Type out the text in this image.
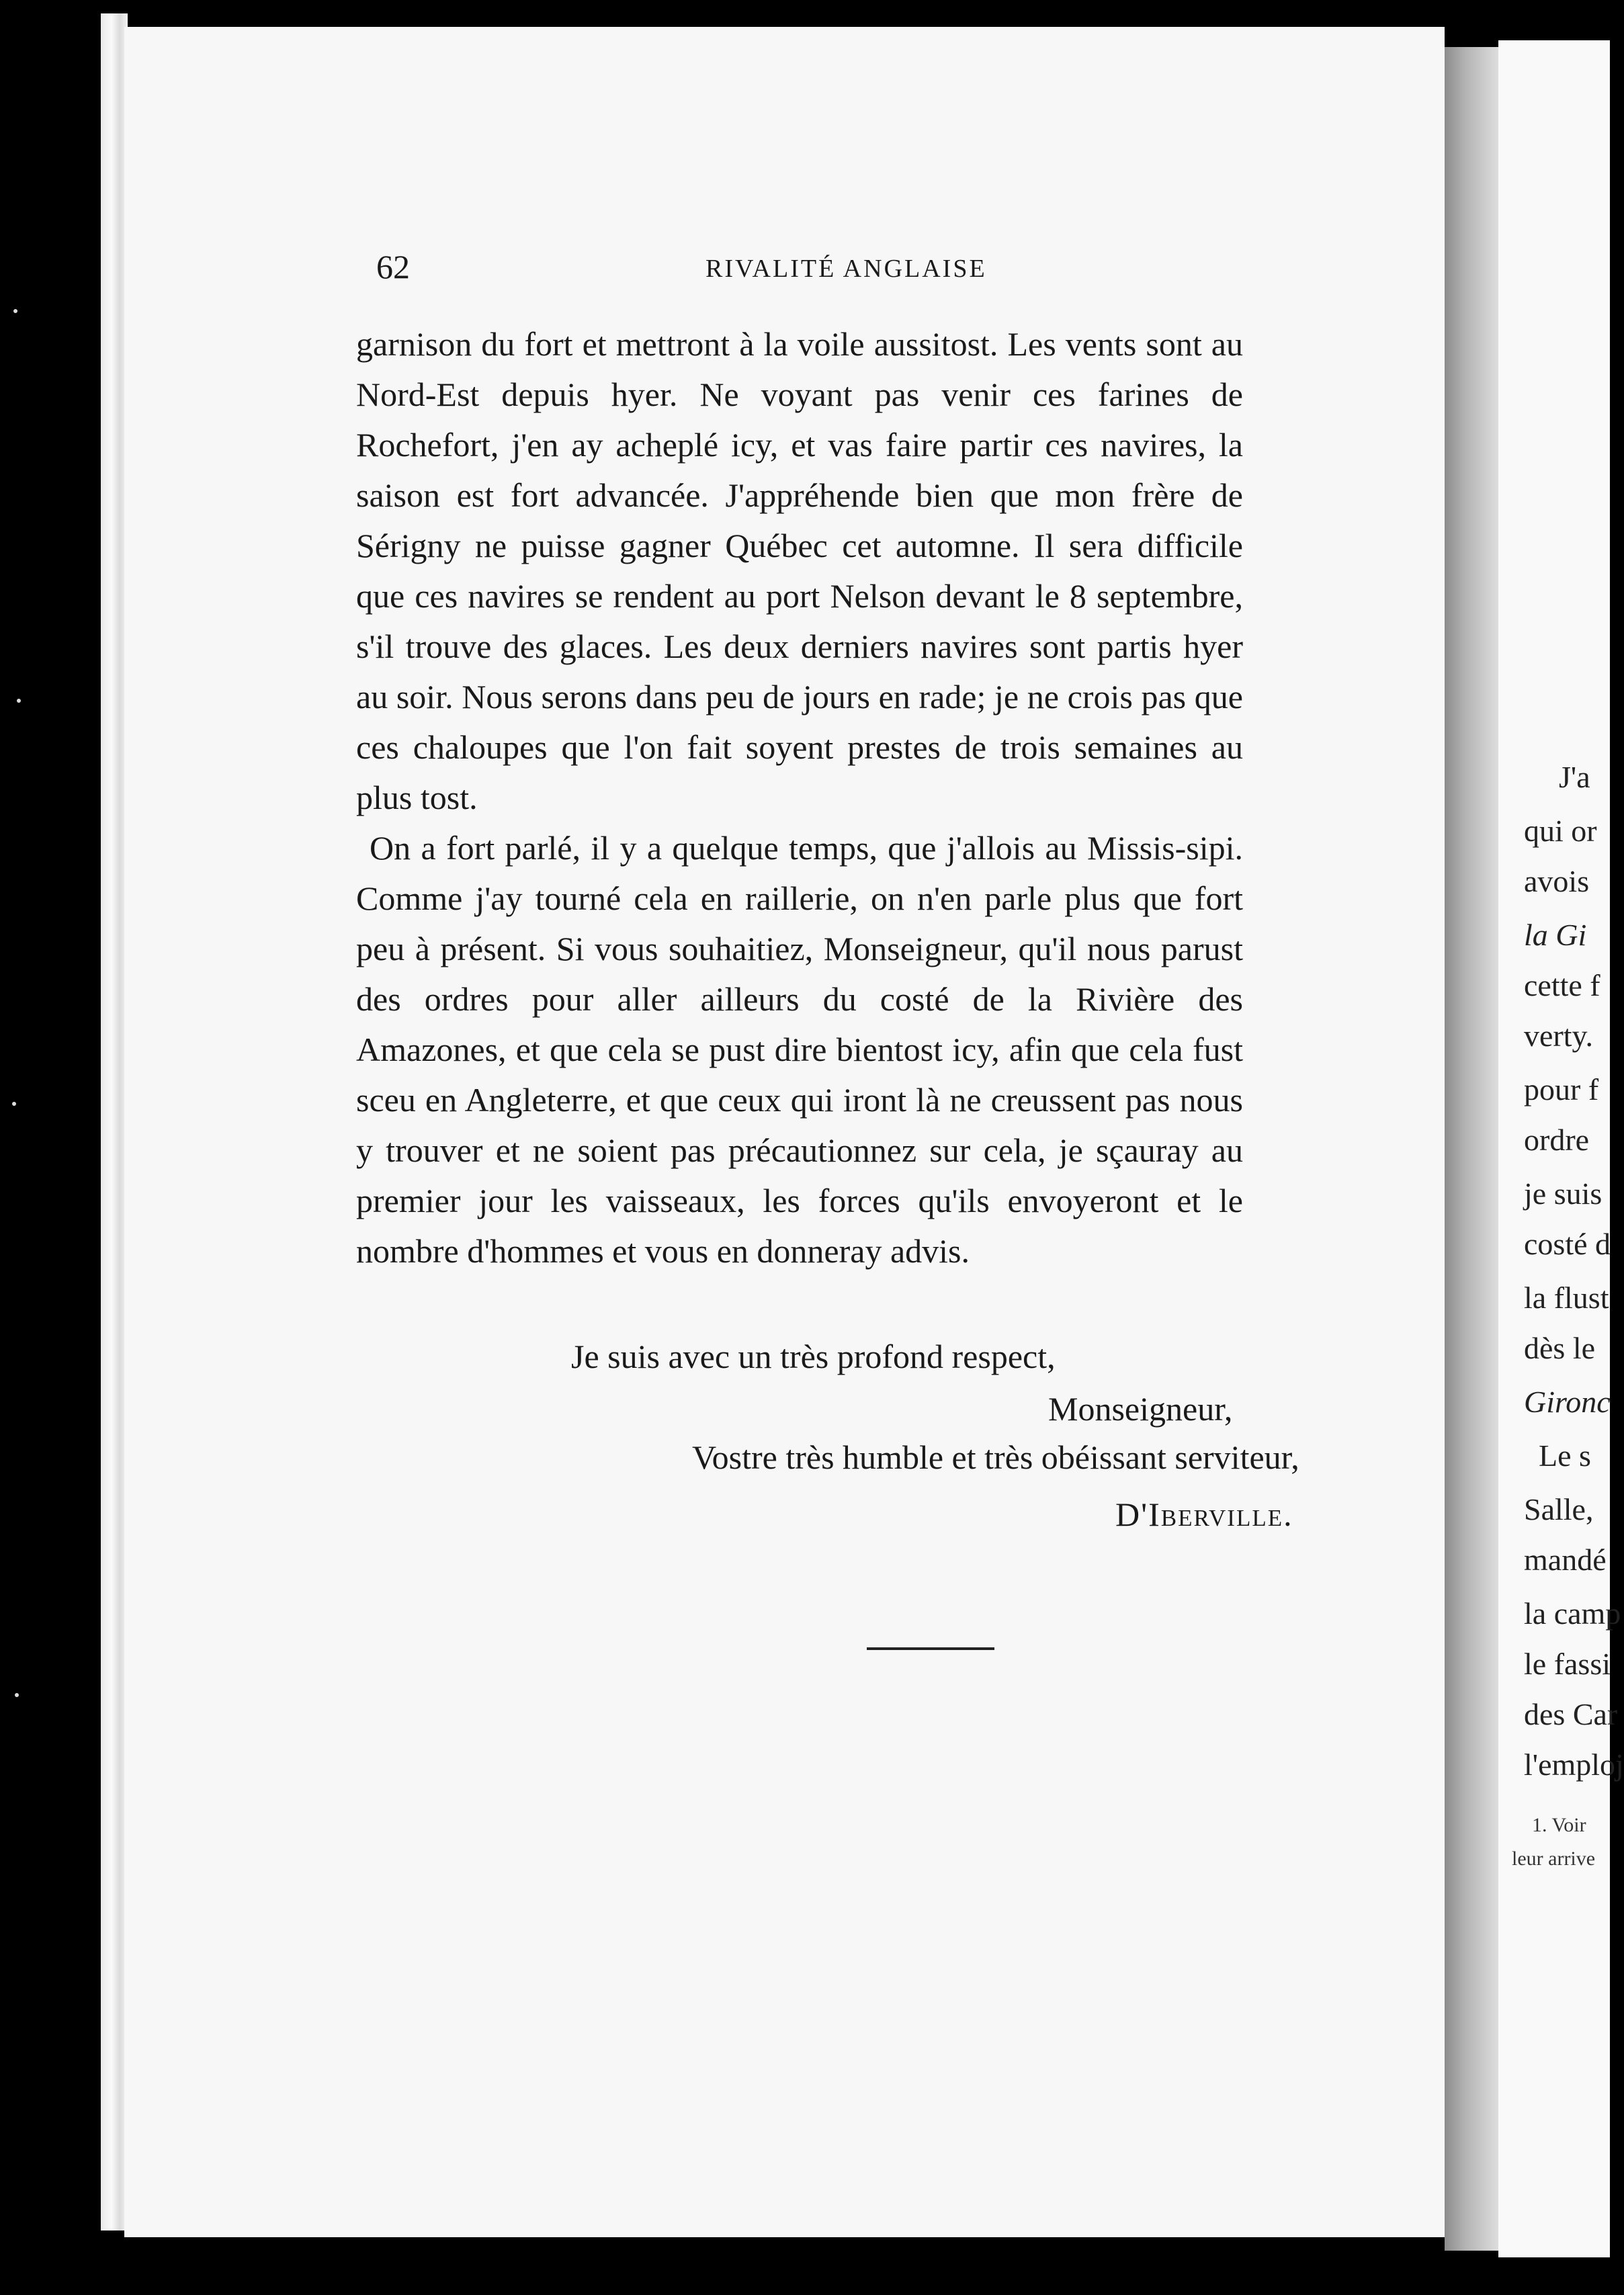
62	RIVALITÉ ANGLAISE

garnison du fort et mettront à la voile aussitost. Les vents sont au Nord-Est depuis hyer. Ne voyant pas venir ces farines de Rochefort, j'en ay acheplé icy, et vas faire partir ces navires, la saison est fort advancée. J'appréhende bien que mon frère de Sérigny ne puisse gagner Québec cet automne. Il sera difficile que ces navires se rendent au port Nelson devant le 8 septembre, s'il trouve des glaces. Les deux derniers navires sont partis hyer au soir. Nous serons dans peu de jours en rade; je ne crois pas que ces chaloupes que l'on fait soyent prestes de trois semaines au plus tost.

On a fort parlé, il y a quelque temps, que j'allois au Missis-sipi. Comme j'ay tourné cela en raillerie, on n'en parle plus que fort peu à présent. Si vous souhaitiez, Monseigneur, qu'il nous parust des ordres pour aller ailleurs du costé de la Rivière des Amazones, et que cela se pust dire bientost icy, afin que cela fust sceu en Angleterre, et que ceux qui iront là ne creussent pas nous y trouver et ne soient pas précautionnez sur cela, je sçauray au premier jour les vaisseaux, les forces qu'ils envoyeront et le nombre d'hommes et vous en donneray advis.

Je suis avec un très profond respect,
Monseigneur,
Vostre très humble et très obéissant serviteur,
D'Iberville.
J'a
qui or
avois
la Gi
cette f
verty.
pour f
ordre
je suis
costé d
la flust
dès le
Gironc
Le s
Salle,
mandé
la camp
le fassi
des Car
l'emploj
1. Voir
leur arrive
